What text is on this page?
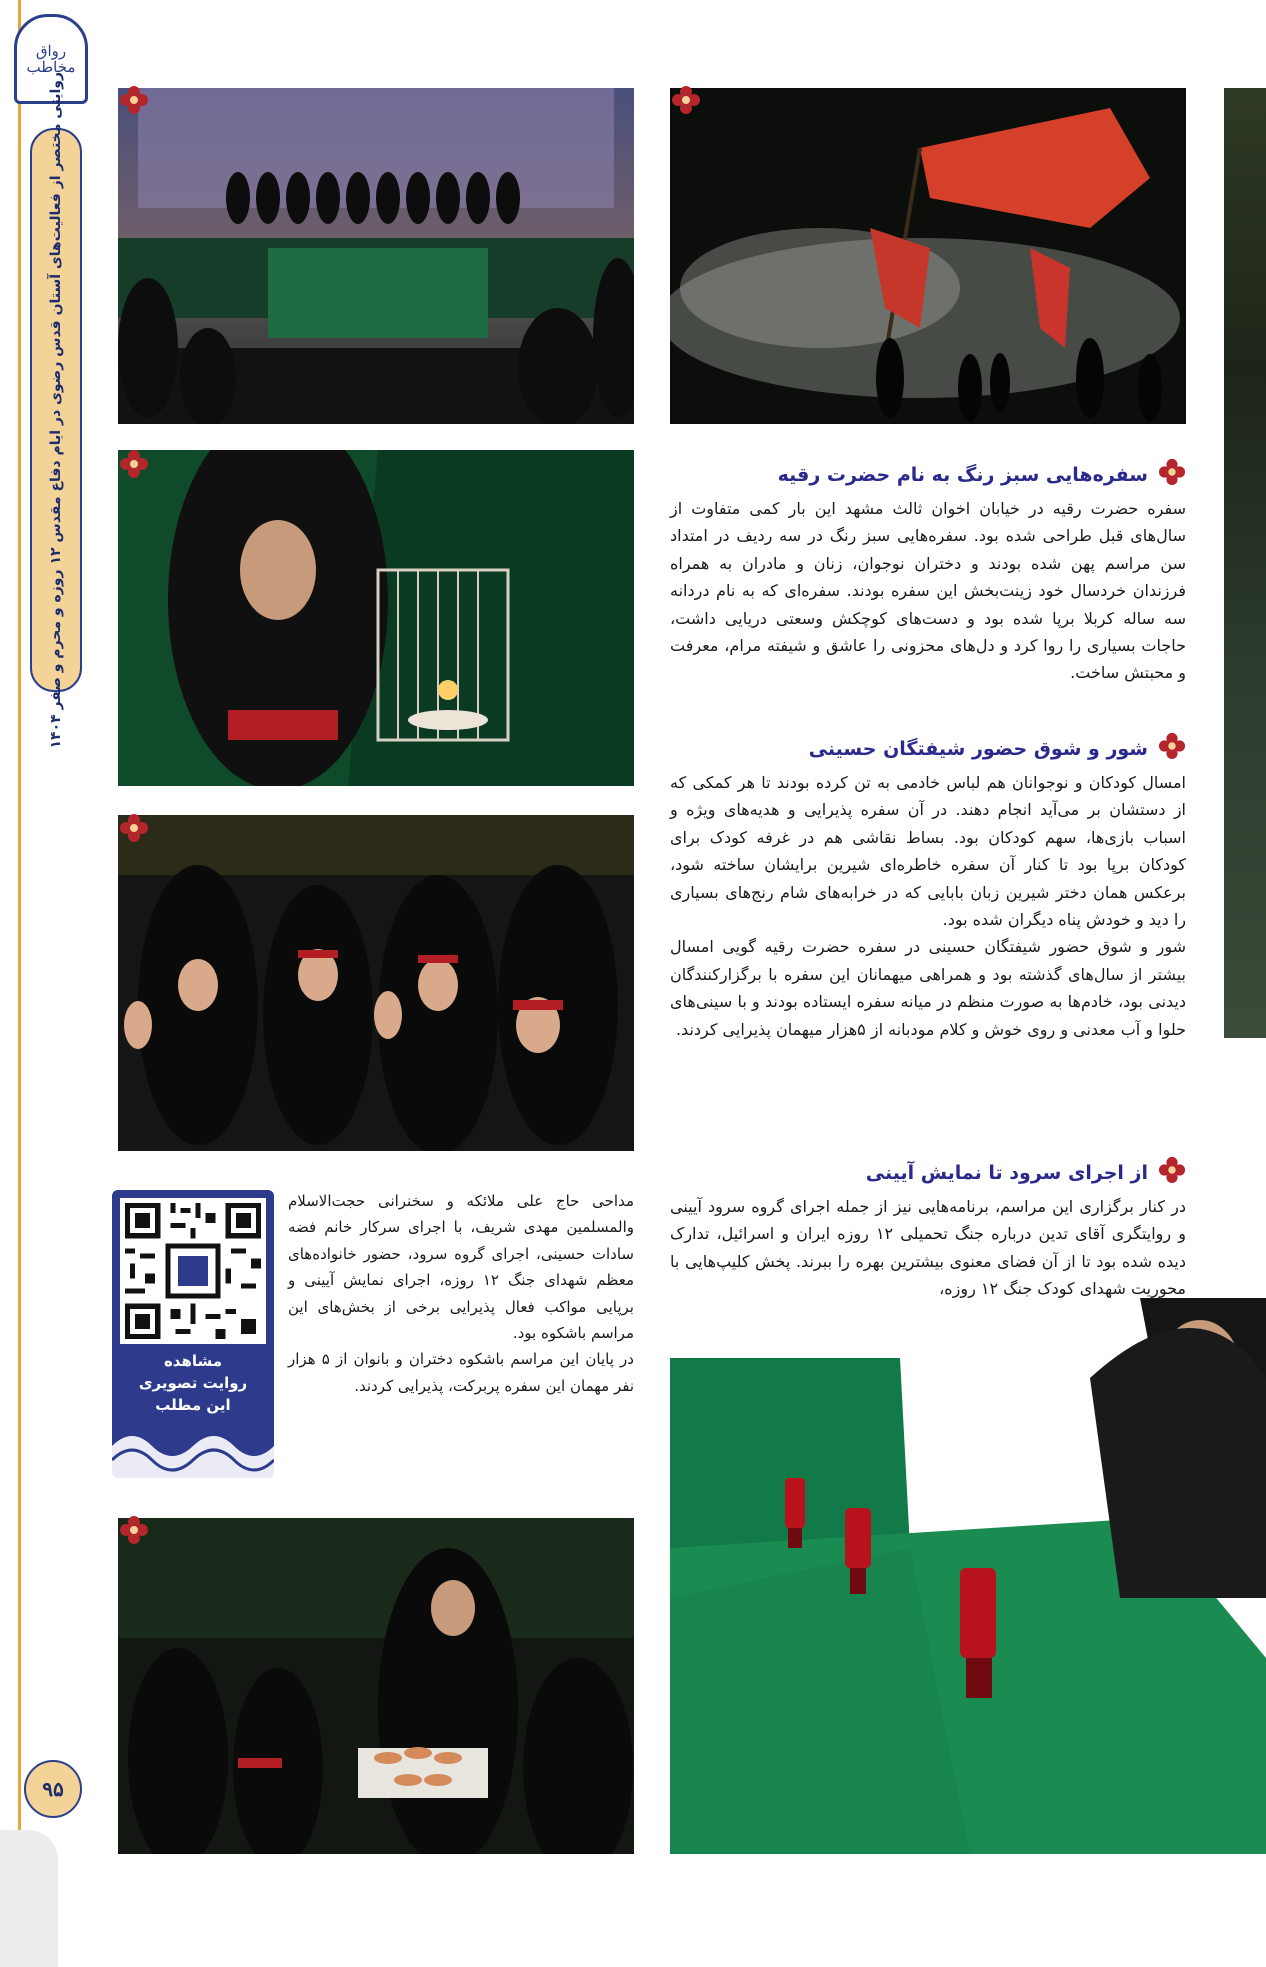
رواق
مخاطب
روایتی مختصر از فعالیت‌های آستان قدس رضوی در ایام دفاع مقدس ۱۲ روزه و محرم و صفر ۱۴۰۴
۹۵
سفره‌هایی سبز رنگ به نام حضرت رقیه

سفره حضرت رقیه در خیابان اخوان ثالث مشهد این بار کمی متفاوت از سال‌های قبل طراحی شده بود. سفره‌هایی سبز رنگ در سه ردیف در امتداد سن مراسم پهن شده بودند و دختران نوجوان، زنان و مادران به همراه فرزندان خردسال خود زینت‌بخش این سفره بودند. سفره‌ای که به نام دردانه سه ساله کربلا برپا شده بود و دست‌های کوچکش وسعتی دریایی داشت، حاجات بسیاری را روا کرد و دل‌های محزونی را عاشق و شیفته مرام، معرفت و محبتش ساخت.

شور و شوق حضور شیفتگان حسینی

امسال کودکان و نوجوانان هم لباس خادمی به تن کرده بودند تا هر کمکی که از دستشان بر می‌آید انجام دهند. در آن سفره پذیرایی و هدیه‌های ویژه و اسباب بازی‌ها، سهم کودکان بود. بساط نقاشی هم در غرفه کودک برای کودکان برپا بود تا کنار آن سفره خاطره‌ای شیرین برایشان ساخته شود، برعکس همان دختر شیرین زبان بابایی که در خرابه‌های شام رنج‌های بسیاری را دید و خودش پناه دیگران شده بود.

شور و شوق حضور شیفتگان حسینی در سفره حضرت رقیه گویی امسال بیشتر از سال‌های گذشته بود و همراهی میهمانان این سفره با برگزارکنندگان دیدنی بود، خادم‌ها به صورت منظم در میانه سفره ایستاده بودند و با سینی‌های حلوا و آب معدنی و روی خوش و کلام مودبانه از ۵هزار میهمان پذیرایی کردند.

از اجرای سرود تا نمایش آیینی

در کنار برگزاری این مراسم، برنامه‌هایی نیز از جمله اجرای گروه سرود آیینی و روایتگری آقای تدین درباره جنگ تحمیلی ۱۲ روزه ایران و اسرائیل، تدارک دیده شده بود تا از آن فضای معنوی بیشترین بهره را ببرند. پخش کلیپ‌هایی با محوریت شهدای کودک جنگ ۱۲ روزه،

مداحی حاج علی ملائکه و سخنرانی حجت‌الاسلام والمسلمین مهدی شریف، با اجرای سرکار خانم فضه سادات حسینی، اجرای گروه سرود، حضور خانواده‌های معظم شهدای جنگ ۱۲ روزه، اجرای نمایش آیینی و برپایی مواکب فعال پذیرایی برخی از بخش‌های این مراسم باشکوه بود.

در پایان این مراسم باشکوه دختران و بانوان از ۵ هزار نفر مهمان این سفره پربرکت، پذیرایی کردند.

مشاهده
روایت تصویری
این مطلب
